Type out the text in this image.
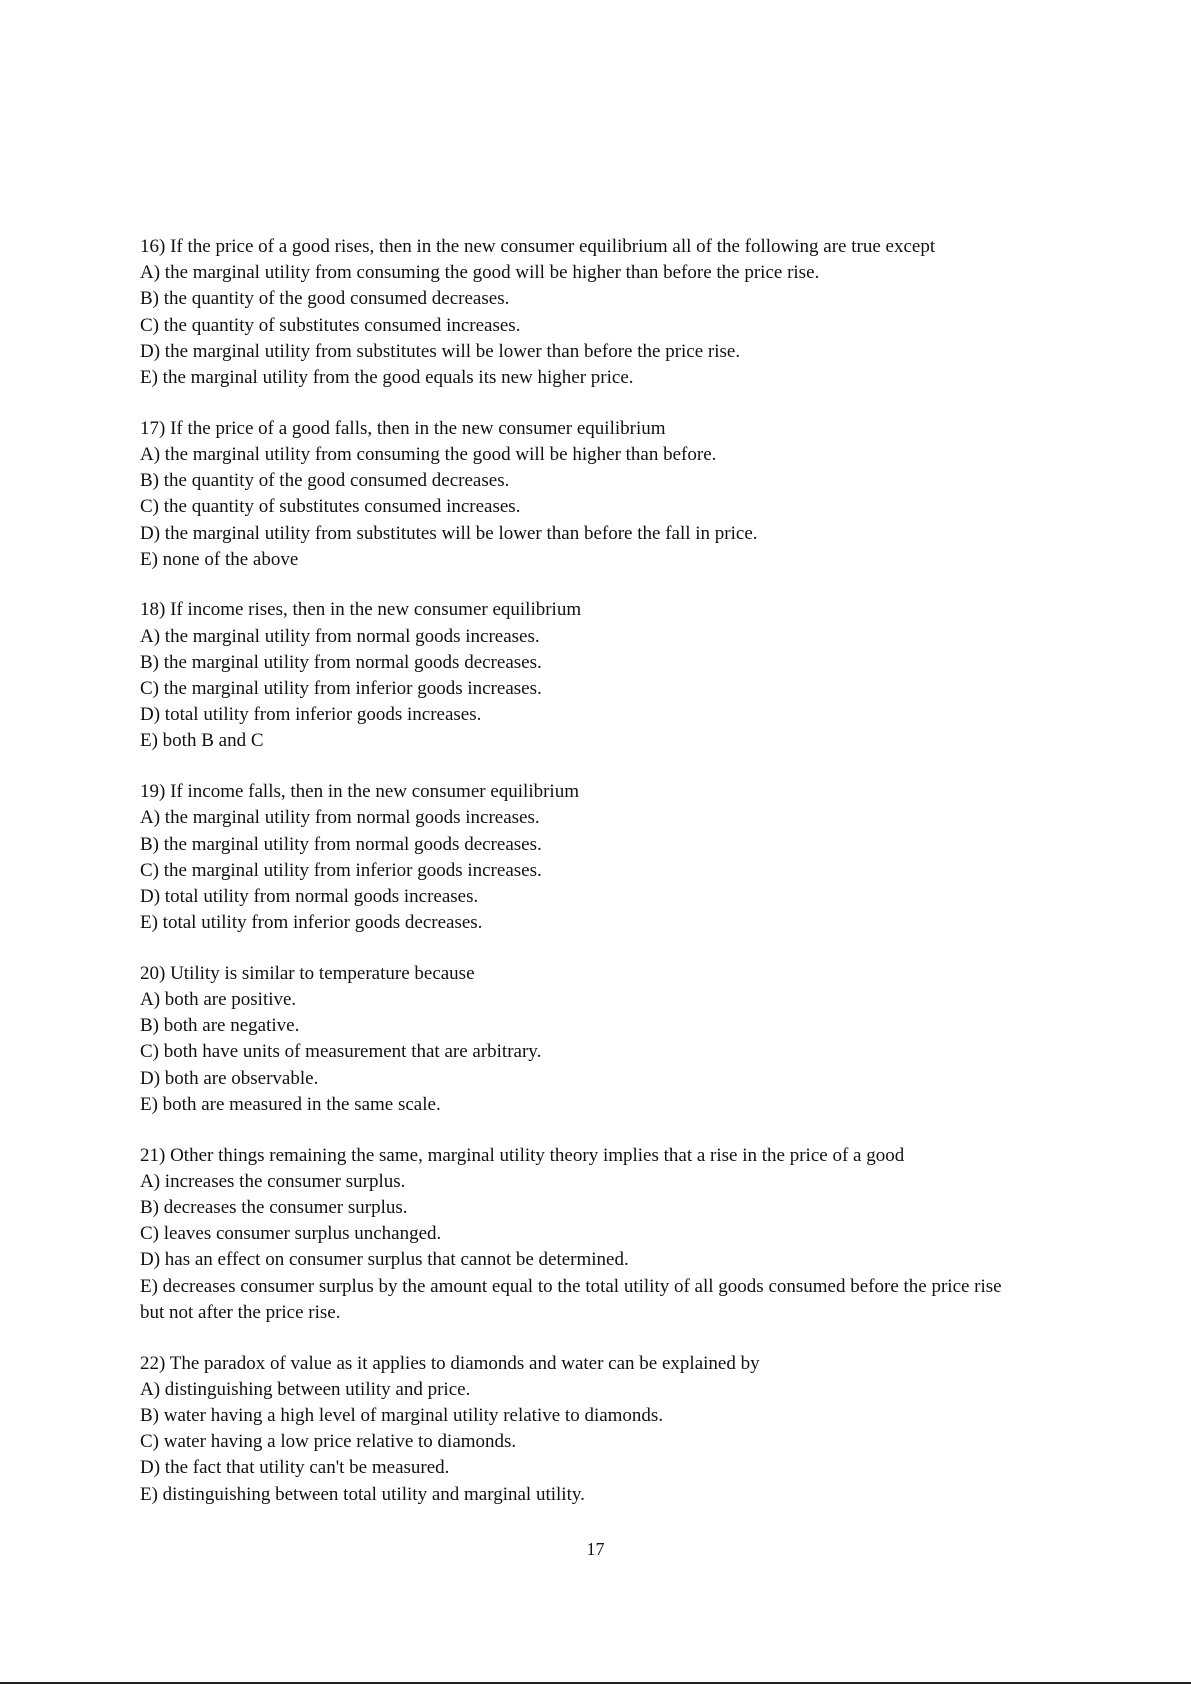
16) If the price of a good rises, then in the new consumer equilibrium all of the following are true except
A) the marginal utility from consuming the good will be higher than before the price rise.
B) the quantity of the good consumed decreases.
C) the quantity of substitutes consumed increases.
D) the marginal utility from substitutes will be lower than before the price rise.
E) the marginal utility from the good equals its new higher price.
17) If the price of a good falls, then in the new consumer equilibrium
A) the marginal utility from consuming the good will be higher than before.
B) the quantity of the good consumed decreases.
C) the quantity of substitutes consumed increases.
D) the marginal utility from substitutes will be lower than before the fall in price.
E) none of the above
18) If income rises, then in the new consumer equilibrium
A) the marginal utility from normal goods increases.
B) the marginal utility from normal goods decreases.
C) the marginal utility from inferior goods increases.
D) total utility from inferior goods increases.
E) both B and C
19) If income falls, then in the new consumer equilibrium
A) the marginal utility from normal goods increases.
B) the marginal utility from normal goods decreases.
C) the marginal utility from inferior goods increases.
D) total utility from normal goods increases.
E) total utility from inferior goods decreases.
20) Utility is similar to temperature because
A) both are positive.
B) both are negative.
C) both have units of measurement that are arbitrary.
D) both are observable.
E) both are measured in the same scale.
21) Other things remaining the same, marginal utility theory implies that a rise in the price of a good
A) increases the consumer surplus.
B) decreases the consumer surplus.
C) leaves consumer surplus unchanged.
D) has an effect on consumer surplus that cannot be determined.
E) decreases consumer surplus by the amount equal to the total utility of all goods consumed before the price rise but not after the price rise.
22) The paradox of value as it applies to diamonds and water can be explained by
A) distinguishing between utility and price.
B) water having a high level of marginal utility relative to diamonds.
C) water having a low price relative to diamonds.
D) the fact that utility can't be measured.
E) distinguishing between total utility and marginal utility.
17
